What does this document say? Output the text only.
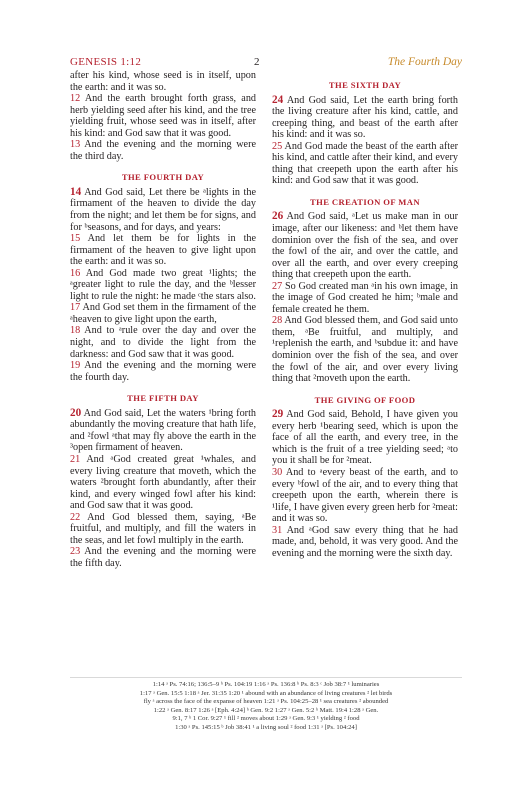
GENESIS 1:12	2	The Fourth Day

after his kind, whose seed is in itself, upon the earth: and it was so.

12 And the earth brought forth grass, and herb yielding seed after his kind, and the tree yielding fruit, whose seed was in itself, after his kind: and God saw that it was good.

13 And the evening and the morning were the third day.

THE FOURTH DAY

14 And God said, Let there be ᵃlights in the firmament of the heaven to divide the day from the night; and let them be for signs, and for ᵇseasons, and for days, and years:

15 And let them be for lights in the firmament of the heaven to give light upon the earth: and it was so.

16 And God made two great ¹lights; the ᵃgreater light to rule the day, and the ᵇlesser light to rule the night: he made ᶜthe stars also.

17 And God set them in the firmament of the ᵃheaven to give light upon the earth,

18 And to ᵃrule over the day and over the night, and to divide the light from the darkness: and God saw that it was good.

19 And the evening and the morning were the fourth day.

THE FIFTH DAY

20 And God said, Let the waters ¹bring forth abundantly the moving creature that hath life, and ²fowl ᵃthat may fly above the earth in the ³open firmament of heaven.

21 And ᵃGod created great ¹whales, and every living creature that moveth, which the waters ²brought forth abundantly, after their kind, and every winged fowl after his kind: and God saw that it was good.

22 And God blessed them, saying, ᵃBe fruitful, and multiply, and fill the waters in the seas, and let fowl multiply in the earth.

23 And the evening and the morning were the fifth day.

THE SIXTH DAY

24 And God said, Let the earth bring forth the living creature after his kind, cattle, and creeping thing, and beast of the earth after his kind: and it was so.

25 And God made the beast of the earth after his kind, and cattle after their kind, and every thing that creepeth upon the earth after his kind: and God saw that it was good.

THE CREATION OF MAN

26 And God said, ᵃLet us make man in our image, after our likeness: and ᵇlet them have dominion over the fish of the sea, and over the fowl of the air, and over the cattle, and over all the earth, and over every creeping thing that creepeth upon the earth.

27 So God created man ᵃin his own image, in the image of God created he him; ᵇmale and female created he them.

28 And God blessed them, and God said unto them, ᵃBe fruitful, and multiply, and ¹replenish the earth, and ᵇsubdue it: and have dominion over the fish of the sea, and over the fowl of the air, and over every living thing that ²moveth upon the earth.

THE GIVING OF FOOD

29 And God said, Behold, I have given you every herb ¹bearing seed, which is upon the face of all the earth, and every tree, in the which is the fruit of a tree yielding seed; ᵃto you it shall be for ²meat.

30 And to ᵃevery beast of the earth, and to every ᵇfowl of the air, and to every thing that creepeth upon the earth, wherein there is ¹life, I have given every green herb for ²meat: and it was so.

31 And ᵃGod saw every thing that he had made, and, behold, it was very good. And the evening and the morning were the sixth day.

1:14 ᵃ Ps. 74:16; 136:5–9 ᵇ Ps. 104:19 1:16 ᵃ Ps. 136:8 ᵇ Ps. 8:3 ᶜ Job 38:7 ¹ luminaries
1:17 ᵃ Gen. 15:5 1:18 ᵃ Jer. 31:35 1:20 ¹ abound with an abundance of living creatures ² let birds
fly ᵃ across the face of the expanse of heaven 1:21 ᵃ Ps. 104:25–28 ¹ sea creatures ² abounded
1:22 ᵃ Gen. 8:17 1:26 ᵃ [Eph. 4:24] ᵇ Gen. 9:2 1:27 ᵃ Gen. 5:2 ᵇ Matt. 19:4 1:28 ᵃ Gen.
9:1, 7 ᵇ 1 Cor. 9:27 ¹ fill ² moves about 1:29 ᵃ Gen. 9:3 ¹ yielding ² food
1:30 ᵃ Ps. 145:15 ᵇ Job 38:41 ¹ a living soul ² food 1:31 ᵃ [Ps. 104:24]
